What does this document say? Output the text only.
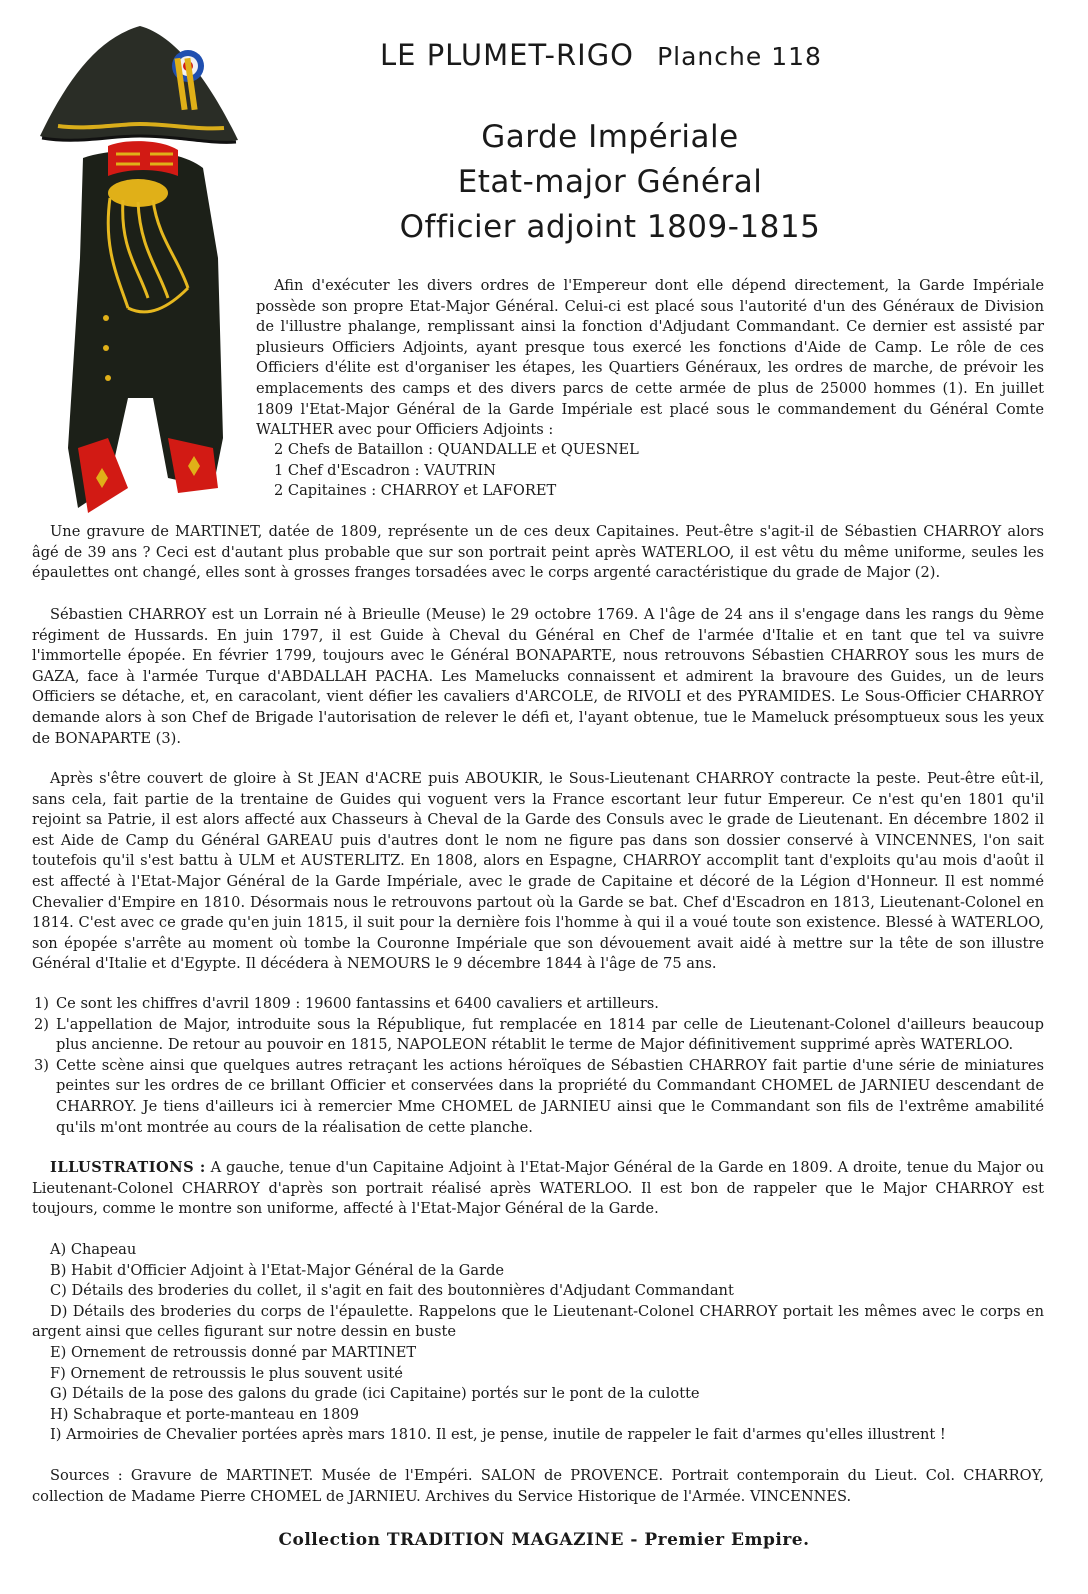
LE PLUMET-RIGO Planche 118
Garde Impériale
Etat-major Général
Officier adjoint 1809-1815
Afin d'exécuter les divers ordres de l'Empereur dont elle dépend directement, la Garde Impériale possède son propre Etat-Major Général. Celui-ci est placé sous l'autorité d'un des Généraux de Division de l'illustre phalange, remplissant ainsi la fonction d'Adjudant Commandant. Ce dernier est assisté par plusieurs Officiers Adjoints, ayant presque tous exercé les fonctions d'Aide de Camp. Le rôle de ces Officiers d'élite est d'organiser les étapes, les Quartiers Généraux, les ordres de marche, de prévoir les emplacements des camps et des divers parcs de cette armée de plus de 25000 hommes (1). En juillet 1809 l'Etat-Major Général de la Garde Impériale est placé sous le commandement du Général Comte WALTHER avec pour Officiers Adjoints :
2 Chefs de Bataillon : QUANDALLE et QUESNEL
1 Chef d'Escadron : VAUTRIN
2 Capitaines : CHARROY et LAFORET
Une gravure de MARTINET, datée de 1809, représente un de ces deux Capitaines. Peut-être s'agit-il de Sébastien CHARROY alors âgé de 39 ans ? Ceci est d'autant plus probable que sur son portrait peint après WATERLOO, il est vêtu du même uniforme, seules les épaulettes ont changé, elles sont à grosses franges torsadées avec le corps argenté caractéristique du grade de Major (2).
Sébastien CHARROY est un Lorrain né à Brieulle (Meuse) le 29 octobre 1769. A l'âge de 24 ans il s'engage dans les rangs du 9ème régiment de Hussards. En juin 1797, il est Guide à Cheval du Général en Chef de l'armée d'Italie et en tant que tel va suivre l'immortelle épopée. En février 1799, toujours avec le Général BONAPARTE, nous retrouvons Sébastien CHARROY sous les murs de GAZA, face à l'armée Turque d'ABDALLAH PACHA. Les Mamelucks connaissent et admirent la bravoure des Guides, un de leurs Officiers se détache, et, en caracolant, vient défier les cavaliers d'ARCOLE, de RIVOLI et des PYRAMIDES. Le Sous-Officier CHARROY demande alors à son Chef de Brigade l'autorisation de relever le défi et, l'ayant obtenue, tue le Mameluck présomptueux sous les yeux de BONAPARTE (3).
Après s'être couvert de gloire à St JEAN d'ACRE puis ABOUKIR, le Sous-Lieutenant CHARROY contracte la peste. Peut-être eût-il, sans cela, fait partie de la trentaine de Guides qui voguent vers la France escortant leur futur Empereur. Ce n'est qu'en 1801 qu'il rejoint sa Patrie, il est alors affecté aux Chasseurs à Cheval de la Garde des Consuls avec le grade de Lieutenant. En décembre 1802 il est Aide de Camp du Général GAREAU puis d'autres dont le nom ne figure pas dans son dossier conservé à VINCENNES, l'on sait toutefois qu'il s'est battu à ULM et AUSTERLITZ. En 1808, alors en Espagne, CHARROY accomplit tant d'exploits qu'au mois d'août il est affecté à l'Etat-Major Général de la Garde Impériale, avec le grade de Capitaine et décoré de la Légion d'Honneur. Il est nommé Chevalier d'Empire en 1810. Désormais nous le retrouvons partout où la Garde se bat. Chef d'Escadron en 1813, Lieutenant-Colonel en 1814. C'est avec ce grade qu'en juin 1815, il suit pour la dernière fois l'homme à qui il a voué toute son existence. Blessé à WATERLOO, son épopée s'arrête au moment où tombe la Couronne Impériale que son dévouement avait aidé à mettre sur la tête de son illustre Général d'Italie et d'Egypte. Il décédera à NEMOURS le 9 décembre 1844 à l'âge de 75 ans.
1) Ce sont les chiffres d'avril 1809 : 19600 fantassins et 6400 cavaliers et artilleurs.
2) L'appellation de Major, introduite sous la République, fut remplacée en 1814 par celle de Lieutenant-Colonel d'ailleurs beaucoup plus ancienne. De retour au pouvoir en 1815, NAPOLEON rétablit le terme de Major définitivement supprimé après WATERLOO.
3) Cette scène ainsi que quelques autres retraçant les actions héroïques de Sébastien CHARROY fait partie d'une série de miniatures peintes sur les ordres de ce brillant Officier et conservées dans la propriété du Commandant CHOMEL de JARNIEU descendant de CHARROY. Je tiens d'ailleurs ici à remercier Mme CHOMEL de JARNIEU ainsi que le Commandant son fils de l'extrême amabilité qu'ils m'ont montrée au cours de la réalisation de cette planche.
ILLUSTRATIONS : A gauche, tenue d'un Capitaine Adjoint à l'Etat-Major Général de la Garde en 1809. A droite, tenue du Major ou Lieutenant-Colonel CHARROY d'après son portrait réalisé après WATERLOO. Il est bon de rappeler que le Major CHARROY est toujours, comme le montre son uniforme, affecté à l'Etat-Major Général de la Garde.
A) Chapeau
B) Habit d'Officier Adjoint à l'Etat-Major Général de la Garde
C) Détails des broderies du collet, il s'agit en fait des boutonnières d'Adjudant Commandant
D) Détails des broderies du corps de l'épaulette. Rappelons que le Lieutenant-Colonel CHARROY portait les mêmes avec le corps en argent ainsi que celles figurant sur notre dessin en buste
E) Ornement de retroussis donné par MARTINET
F) Ornement de retroussis le plus souvent usité
G) Détails de la pose des galons du grade (ici Capitaine) portés sur le pont de la culotte
H) Schabraque et porte-manteau en 1809
I) Armoiries de Chevalier portées après mars 1810. Il est, je pense, inutile de rappeler le fait d'armes qu'elles illustrent !
Sources : Gravure de MARTINET. Musée de l'Empéri. SALON de PROVENCE. Portrait contemporain du Lieut. Col. CHARROY, collection de Madame Pierre CHOMEL de JARNIEU. Archives du Service Historique de l'Armée. VINCENNES.
Collection TRADITION MAGAZINE - Premier Empire.
